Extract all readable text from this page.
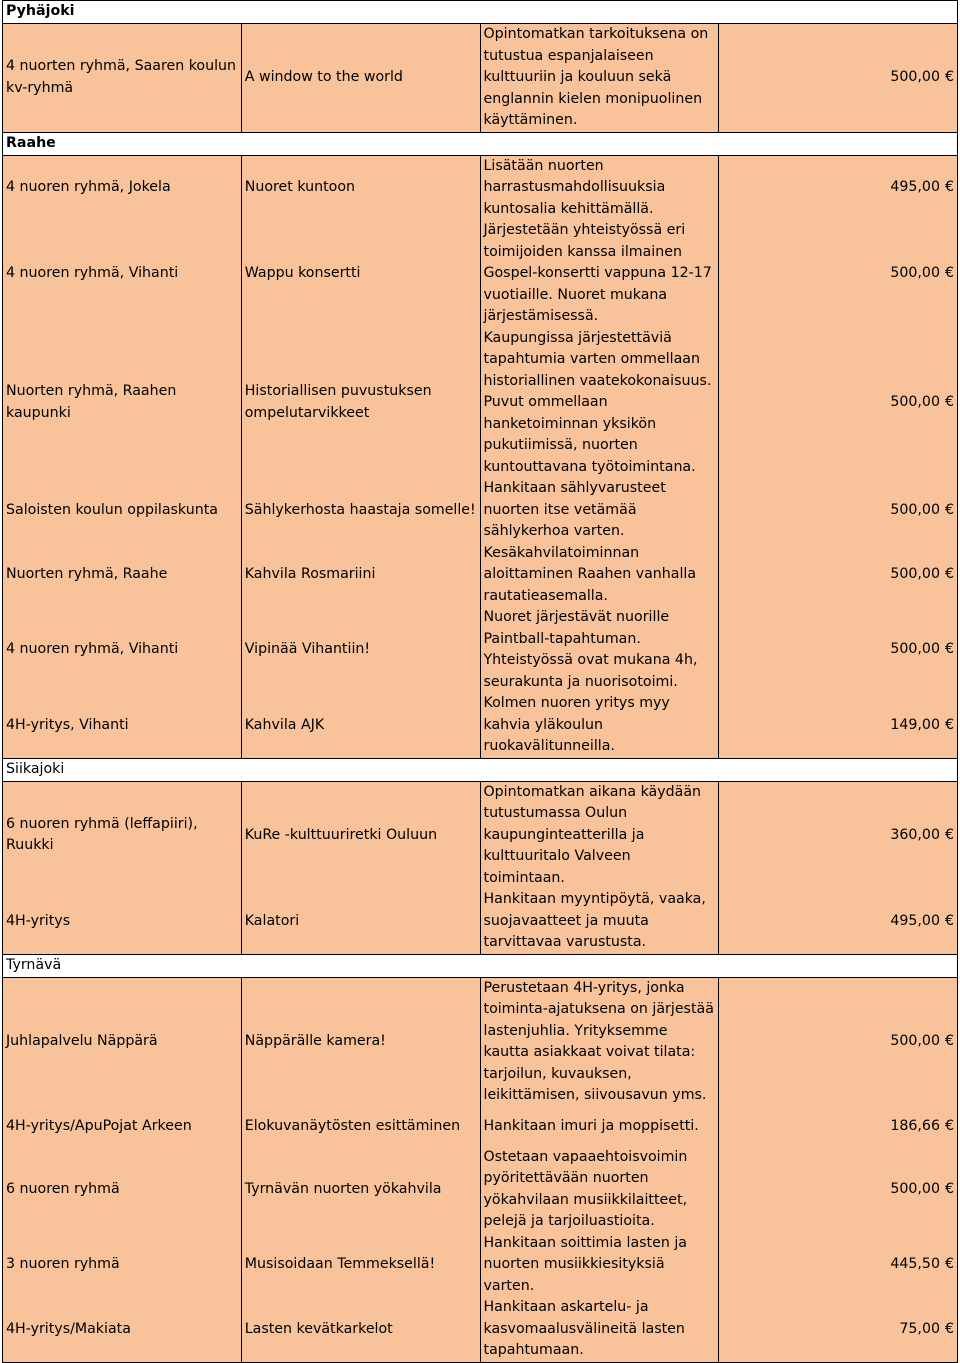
Pyhäjoki			
4 nuorten ryhmä, Saaren koulun kv-ryhmä	A window to the world	Opintomatkan tarkoituksena on tutustua espanjalaiseen kulttuuriin ja kouluun sekä englannin kielen monipuolinen käyttäminen.	500,00 €
Raahe			
4 nuoren ryhmä, Jokela	Nuoret kuntoon	Lisätään nuorten harrastusmahdollisuuksia kuntosalia kehittämällä.	495,00 €
4 nuoren ryhmä, Vihanti	Wappu konsertti	Järjestetään yhteistyössä eri toimijoiden kanssa ilmainen Gospel-konsertti vappuna 12-17 vuotiaille. Nuoret mukana järjestämisessä.	500,00 €
Nuorten ryhmä, Raahen kaupunki	Historiallisen puvustuksen ompelutarvikkeet	Kaupungissa järjestettäviä tapahtumia varten ommellaan historiallinen vaatekokonaisuus. Puvut ommellaan hanketoiminnan yksikön pukutiimissä, nuorten kuntouttavana työtoimintana.	500,00 €
Saloisten koulun oppilaskunta	Sählykerhosta haastaja somelle!	Hankitaan sählyvarusteet nuorten itse vetämää sählykerhoa varten.	500,00 €
Nuorten ryhmä, Raahe	Kahvila Rosmariini	Kesäkahvilatoiminnan aloittaminen Raahen vanhalla rautatieasemalla.	500,00 €
4 nuoren ryhmä, Vihanti	Vipinää Vihantiin!	Nuoret järjestävät nuorille Paintball-tapahtuman. Yhteistyössä ovat mukana 4h, seurakunta ja nuorisotoimi.	500,00 €
4H-yritys, Vihanti	Kahvila AJK	Kolmen nuoren yritys myy kahvia yläkoulun ruokavälitunneilla.	149,00 €
Siikajoki			
6 nuoren ryhmä (leffapiiri), Ruukki	KuRe -kulttuuriretki Ouluun	Opintomatkan aikana käydään tutustumassa Oulun kaupunginteatterilla ja kulttuuritalo Valveen toimintaan.	360,00 €
4H-yritys	Kalatori	Hankitaan myyntipöytä, vaaka, suojavaatteet ja muuta tarvittavaa varustusta.	495,00 €
Tyrnävä			
Juhlapalvelu Näppärä	Näppärälle kamera!	Perustetaan 4H-yritys, jonka toiminta-ajatuksena on järjestää lastenjuhlia. Yrityksemme kautta asiakkaat voivat tilata: tarjoilun, kuvauksen, leikittämisen, siivousavun yms.	500,00 €
4H-yritys/ApuPojat Arkeen	Elokuvanäytösten esittäminen	Hankitaan imuri ja moppisetti.	186,66 €
6 nuoren ryhmä	Tyrnävän nuorten yökahvila	Ostetaan vapaaehtoisvoimin pyöritettävään nuorten yökahvilaan musiikkilaitteet, pelejä ja tarjoiluastioita.	500,00 €
3 nuoren ryhmä	Musisoidaan Temmeksellä!	Hankitaan soittimia lasten ja nuorten musiikkiesityksiä varten.	445,50 €
4H-yritys/Makiata	Lasten kevätkarkelot	Hankitaan askartelu- ja kasvomaalusvälineitä lasten tapahtumaan.	75,00 €
